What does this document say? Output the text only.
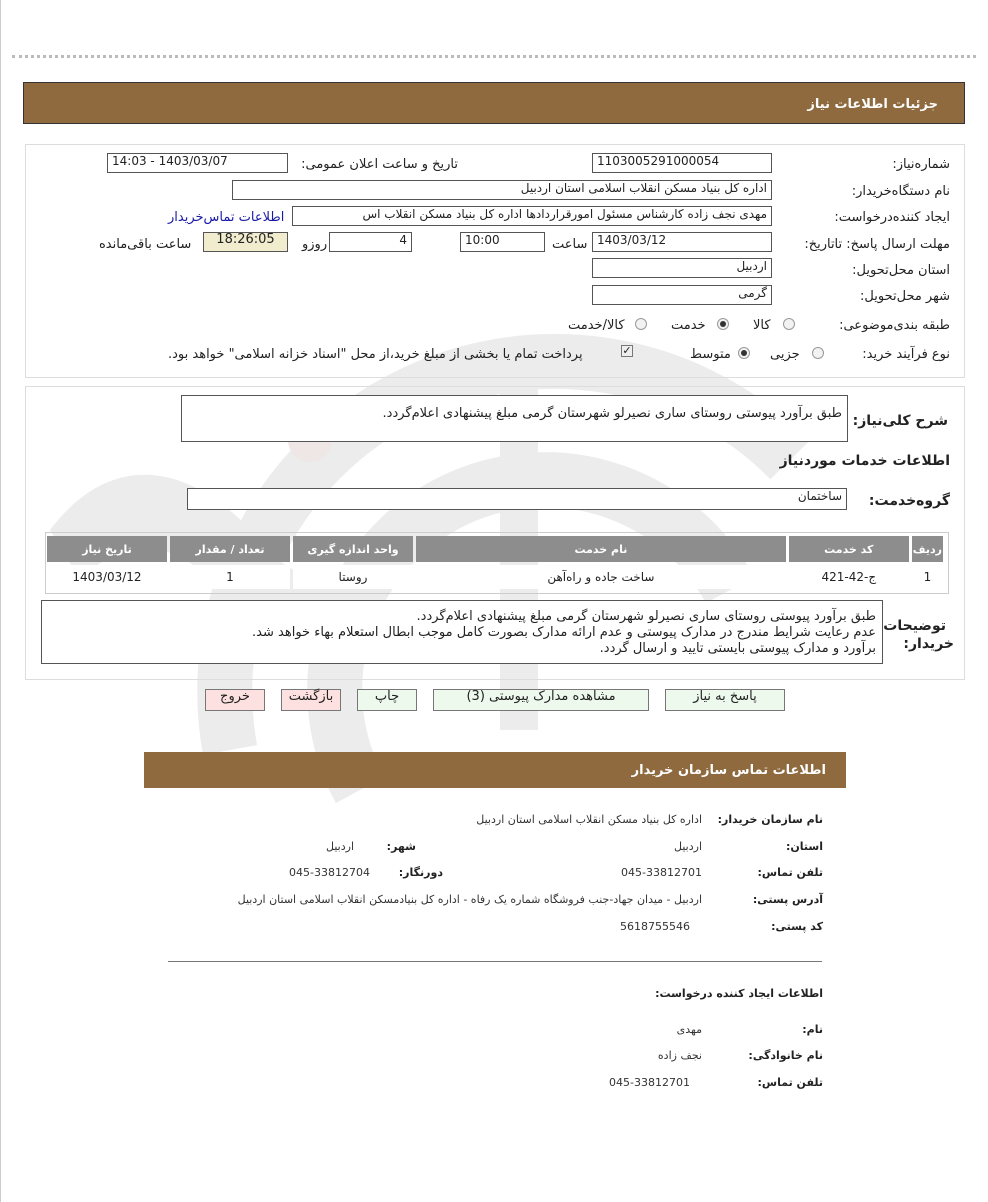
جزئیات اطلاعات نیاز
شماره‌نیاز:
1103005291000054
تاریخ و ساعت اعلان عمومی:
1403/03/07 - 14:03
نام دستگاه‌خریدار:
اداره کل بنیاد مسکن انقلاب اسلامی استان اردبیل
ایجاد کننده‌درخواست:
مهدی نجف زاده کارشناس مسئول امورقراردادها اداره کل بنیاد مسکن انقلاب اس
اطلاعات تماس‌خریدار
مهلت ارسال پاسخ: تاتاریخ:
1403/03/12
ساعت
10:00
4
روزو
18:26:05
ساعت باقی‌مانده
استان محل‌تحویل:
اردبیل
شهر محل‌تحویل:
گرمی
طبقه بندی‌موضوعی:
کالا
خدمت
کالا/خدمت
نوع فرآیند خرید:
جزیی
متوسط
✓
پرداخت تمام یا بخشی از مبلغ خرید،از محل "اسناد خزانه اسلامی" خواهد بود.
شرح کلی‌نیاز:
طبق برآورد پیوستی روستای ساری نصیرلو شهرستان گرمی مبلغ پیشنهادی اعلام‌گردد.
اطلاعات خدمات مورد‌نیاز
گروه‌خدمت:
ساختمان
ردیف	کد خدمت	نام خدمت	واحد اندازه گیری	تعداد / مقدار	تاریخ نیاز
1	ج-42-421	ساخت جاده و راه‌آهن	روستا	1	1403/03/12
توضیحات
خریدار:
طبق برآورد پیوستی روستای ساری نصیرلو شهرستان گرمی مبلغ پیشنهادی اعلام‌گردد.
عدم رعایت شرایط مندرج در مدارک پیوستی و عدم ارائه مدارک بصورت کامل موجب ابطال استعلام بهاء خواهد شد.
برآورد و مدارک پیوستی بایستی تایید و ارسال گردد.
پاسخ به نیاز
مشاهده مدارک پیوستی (3)
چاپ
بازگشت
خروج
اطلاعات تماس سازمان خریدار
نام سازمان خریدار:
اداره کل بنیاد مسکن انقلاب اسلامی استان اردبیل
استان:
اردبیل
شهر:
اردبیل
تلفن تماس:
045-33812701
دورنگار:
045-33812704
آدرس پستی:
اردبیل - میدان جهاد-جنب فروشگاه شماره یک رفاه - اداره کل بنیادمسکن انقلاب اسلامی استان اردبیل
کد پستی:
5618755546
اطلاعات ایجاد کننده درخواست:
نام:
مهدی
نام خانوادگی:
نجف زاده
تلفن تماس:
045-33812701
